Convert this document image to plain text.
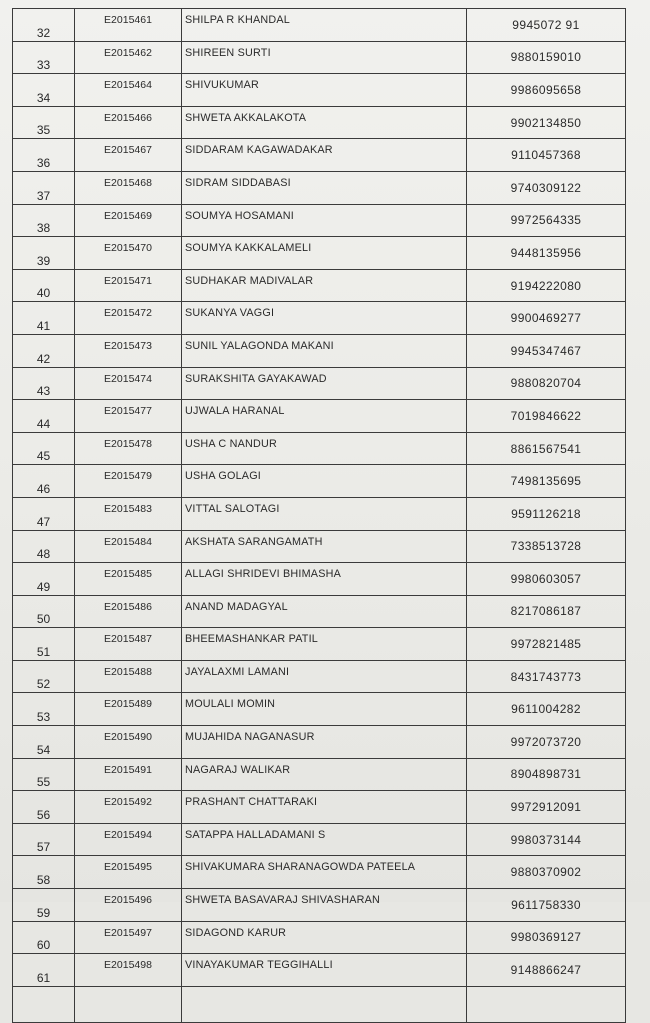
32	E2015461	SHILPA R KHANDAL	9945072 91
33	E2015462	SHIREEN SURTI	9880159010
34	E2015464	SHIVUKUMAR	9986095658
35	E2015466	SHWETA AKKALAKOTA	9902134850
36	E2015467	SIDDARAM KAGAWADAKAR	9110457368
37	E2015468	SIDRAM SIDDABASI	9740309122
38	E2015469	SOUMYA HOSAMANI	9972564335
39	E2015470	SOUMYA KAKKALAMELI	9448135956
40	E2015471	SUDHAKAR MADIVALAR	9194222080
41	E2015472	SUKANYA VAGGI	9900469277
42	E2015473	SUNIL YALAGONDA MAKANI	9945347467
43	E2015474	SURAKSHITA GAYAKAWAD	9880820704
44	E2015477	UJWALA HARANAL	7019846622
45	E2015478	USHA C NANDUR	8861567541
46	E2015479	USHA GOLAGI	7498135695
47	E2015483	VITTAL SALOTAGI	9591126218
48	E2015484	AKSHATA SARANGAMATH	7338513728
49	E2015485	ALLAGI SHRIDEVI BHIMASHA	9980603057
50	E2015486	ANAND MADAGYAL	8217086187
51	E2015487	BHEEMASHANKAR PATIL	9972821485
52	E2015488	JAYALAXMI LAMANI	8431743773
53	E2015489	MOULALI MOMIN	9611004282
54	E2015490	MUJAHIDA NAGANASUR	9972073720
55	E2015491	NAGARAJ WALIKAR	8904898731
56	E2015492	PRASHANT CHATTARAKI	9972912091
57	E2015494	SATAPPA HALLADAMANI S	9980373144
58	E2015495	SHIVAKUMARA SHARANAGOWDA PATEELA	9880370902
59	E2015496	SHWETA BASAVARAJ SHIVASHARAN	9611758330
60	E2015497	SIDAGOND KARUR	9980369127
61	E2015498	VINAYAKUMAR TEGGIHALLI	9148866247
